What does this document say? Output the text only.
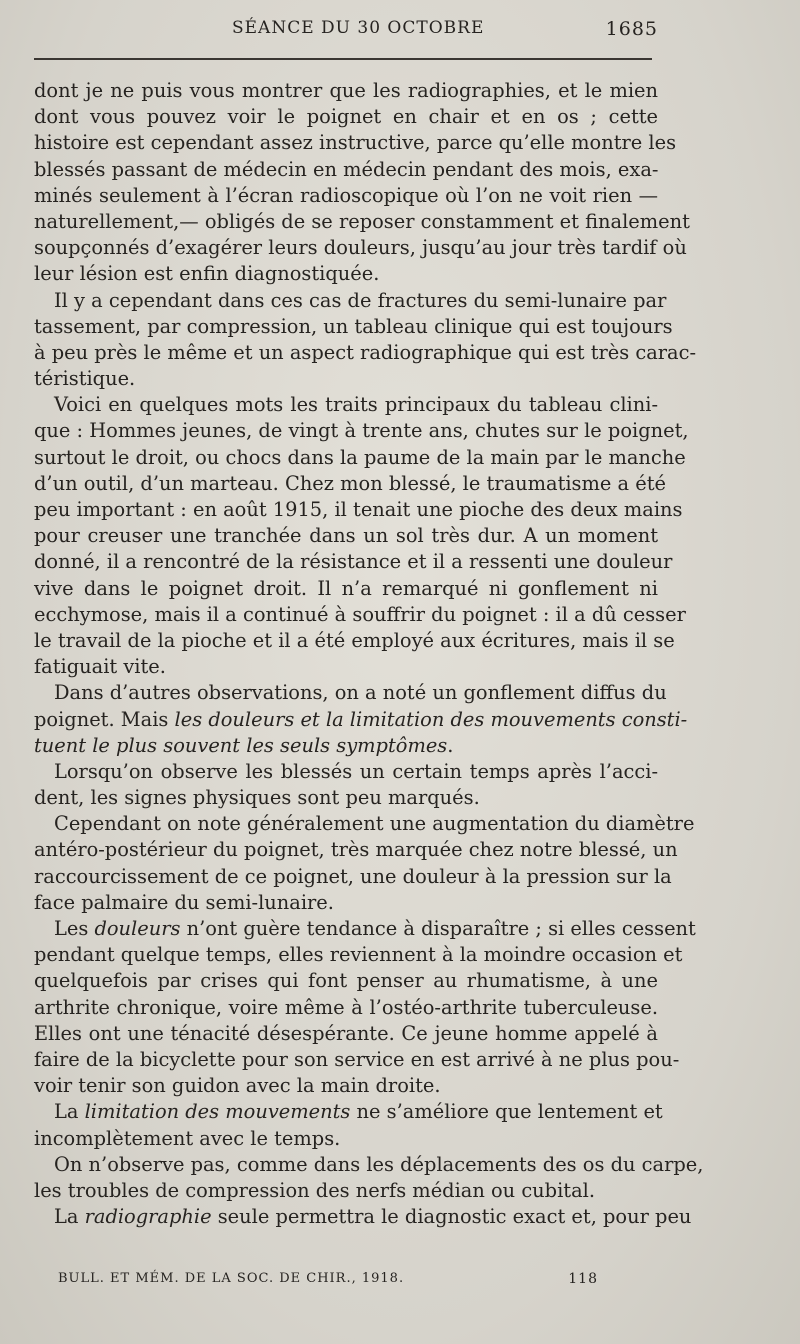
SÉANCE DU 30 OCTOBRE	1685
dont je ne puis vous montrer que les radiographies, et le mien
dont vous pouvez voir le poignet en chair et en os ; cette
histoire est cependant assez instructive, parce qu’elle montre les
blessés passant de médecin en médecin pendant des mois, exa-
minés seulement à l’écran radioscopique où l’on ne voit rien —
naturellement,— obligés de se reposer constamment et finalement
soupçonnés d’exagérer leurs douleurs, jusqu’au jour très tardif où
leur lésion est enfin diagnostiquée.
Il y a cependant dans ces cas de fractures du semi-lunaire par
tassement, par compression, un tableau clinique qui est toujours
à peu près le même et un aspect radiographique qui est très carac-
téristique.
Voici en quelques mots les traits principaux du tableau clini-
que : Hommes jeunes, de vingt à trente ans, chutes sur le poignet,
surtout le droit, ou chocs dans la paume de la main par le manche
d’un outil, d’un marteau. Chez mon blessé, le traumatisme a été
peu important : en août 1915, il tenait une pioche des deux mains
pour creuser une tranchée dans un sol très dur. A un moment
donné, il a rencontré de la résistance et il a ressenti une douleur
vive dans le poignet droit. Il n’a remarqué ni gonflement ni
ecchymose, mais il a continué à souffrir du poignet : il a dû cesser
le travail de la pioche et il a été employé aux écritures, mais il se
fatiguait vite.
Dans d’autres observations, on a noté un gonflement diffus du
poignet. Mais les douleurs et la limitation des mouvements consti-
tuent le plus souvent les seuls symptômes.
Lorsqu’on observe les blessés un certain temps après l’acci-
dent, les signes physiques sont peu marqués.
Cependant on note généralement une augmentation du diamètre
antéro-postérieur du poignet, très marquée chez notre blessé, un
raccourcissement de ce poignet, une douleur à la pression sur la
face palmaire du semi-lunaire.
Les douleurs n’ont guère tendance à disparaître ; si elles cessent
pendant quelque temps, elles reviennent à la moindre occasion et
quelquefois par crises qui font penser au rhumatisme, à une
arthrite chronique, voire même à l’ostéo-arthrite tuberculeuse.
Elles ont une ténacité désespérante. Ce jeune homme appelé à
faire de la bicyclette pour son service en est arrivé à ne plus pou-
voir tenir son guidon avec la main droite.
La limitation des mouvements ne s’améliore que lentement et
incomplètement avec le temps.
On n’observe pas, comme dans les déplacements des os du carpe,
les troubles de compression des nerfs médian ou cubital.
La radiographie seule permettra le diagnostic exact et, pour peu
BULL. ET MÉM. DE LA SOC. DE CHIR., 1918.	118
